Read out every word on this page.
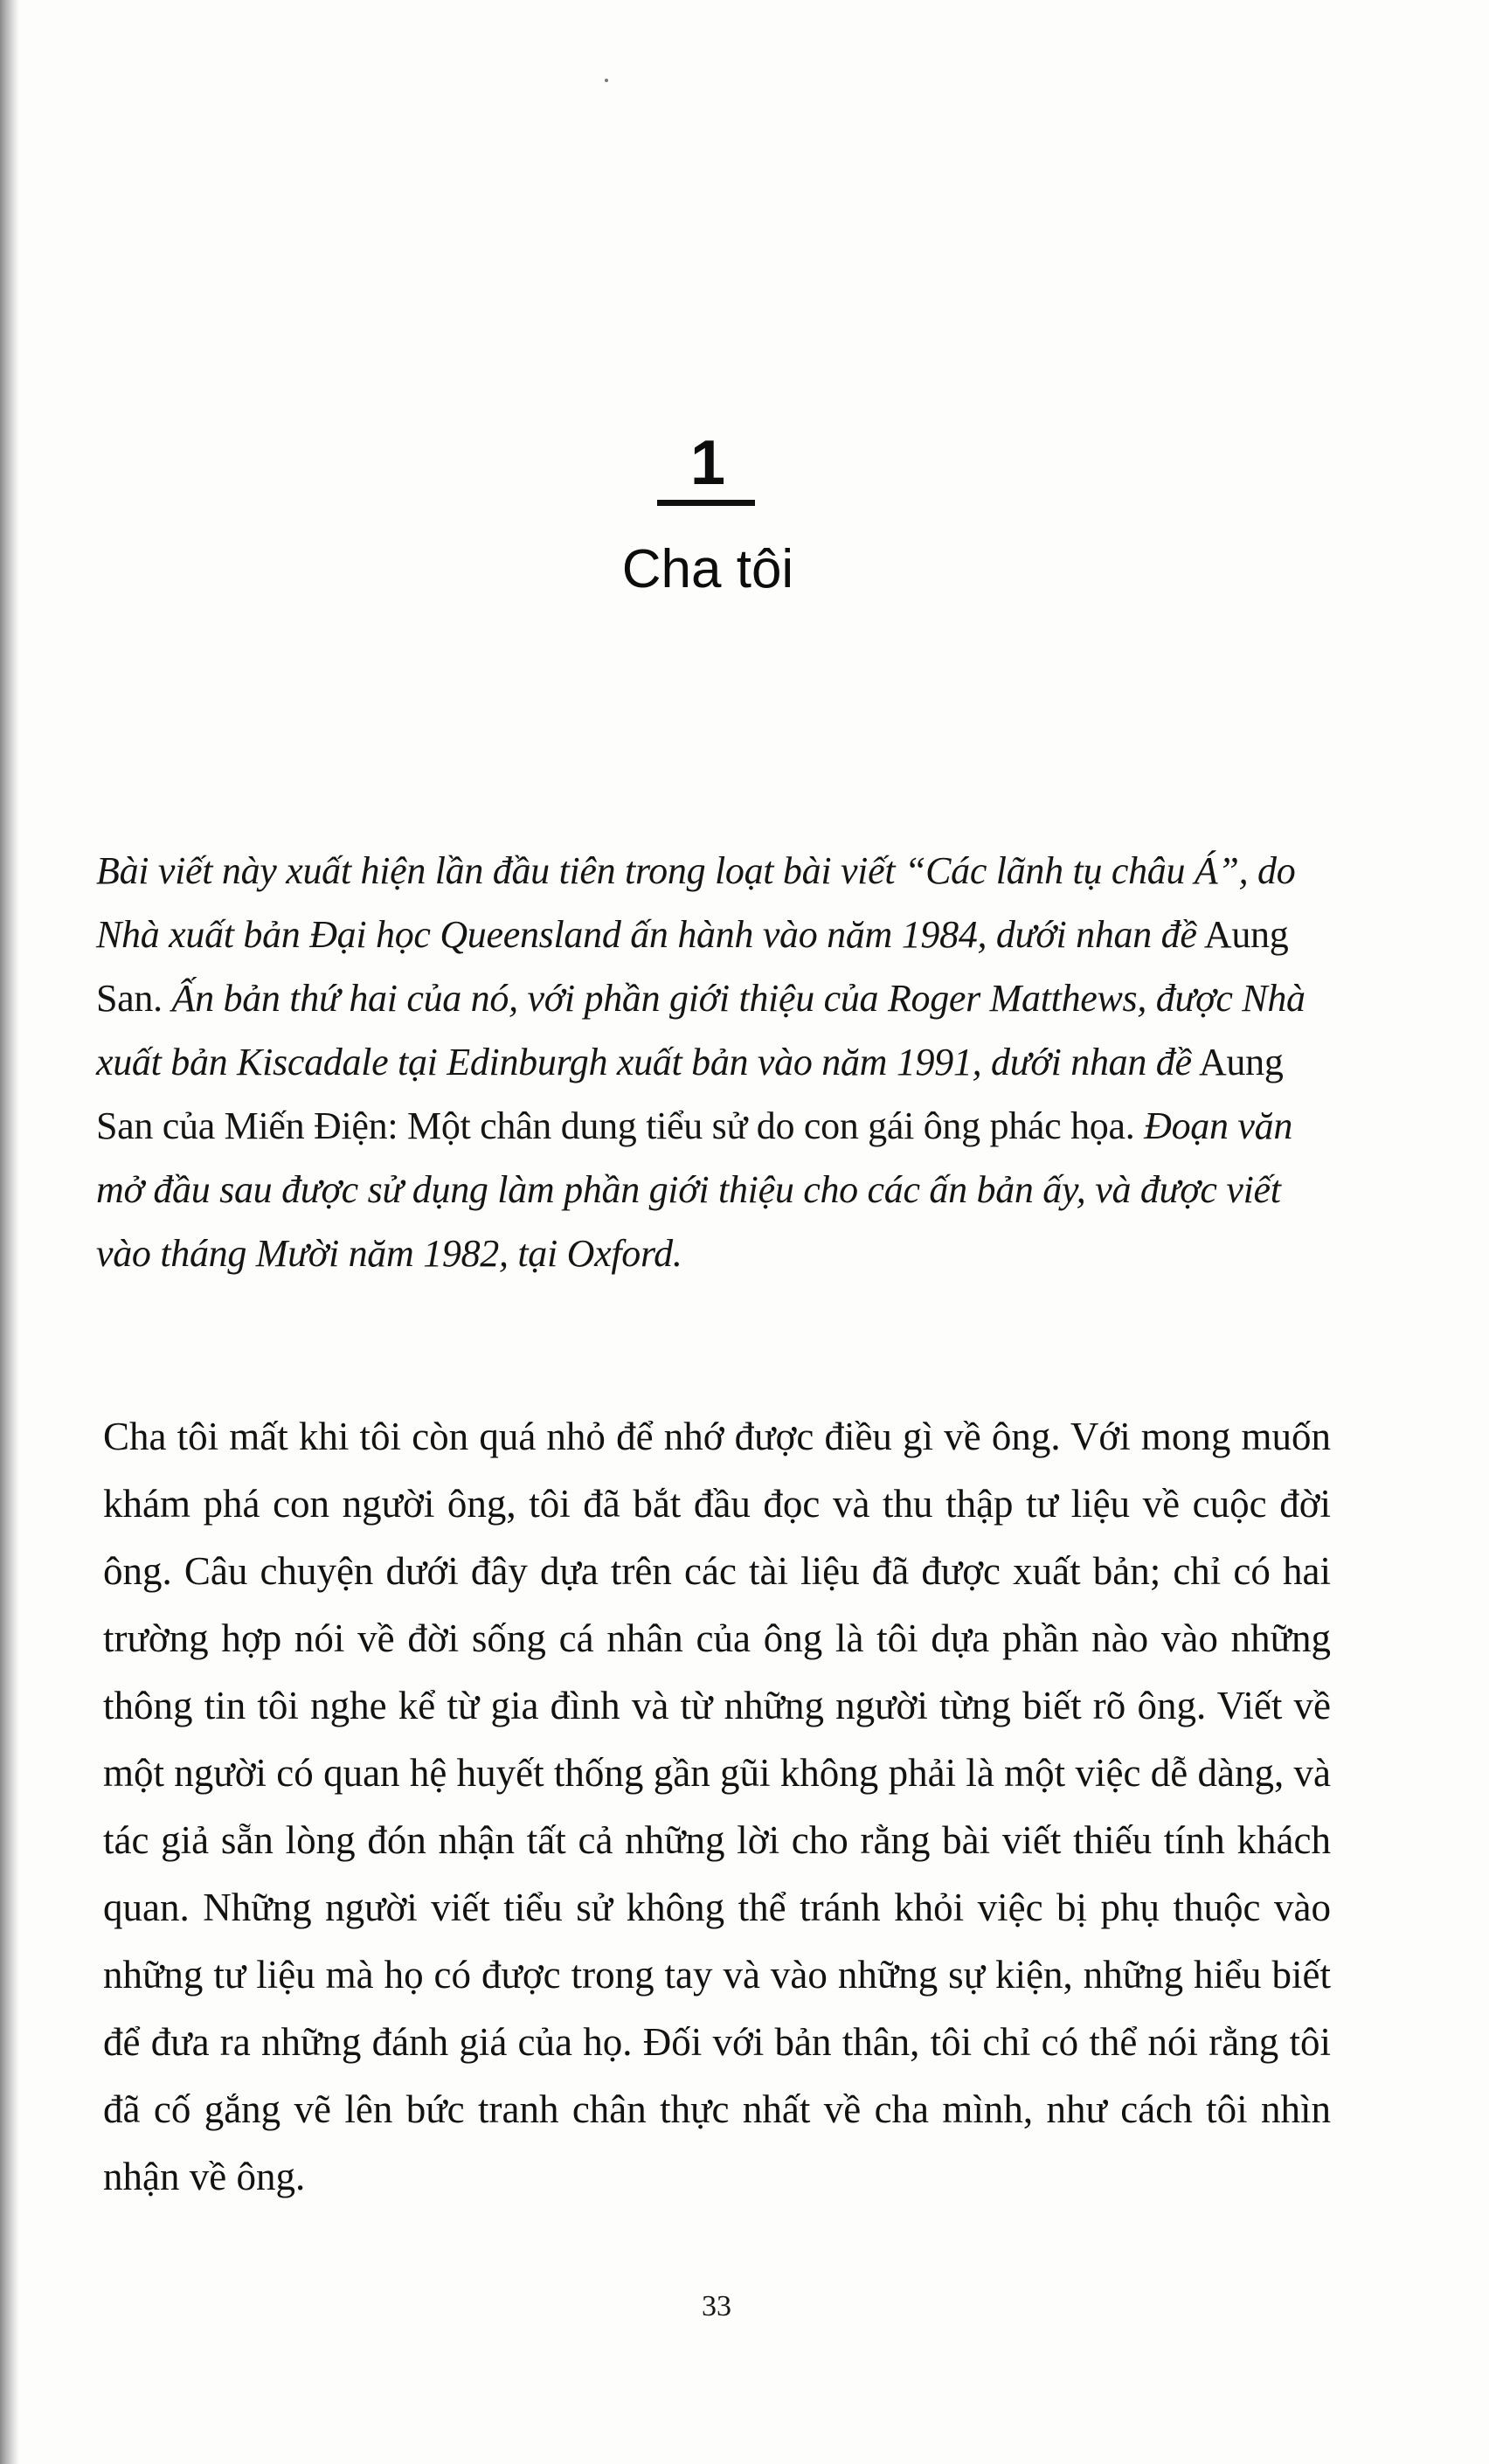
1
Cha tôi

Bài viết này xuất hiện lần đầu tiên trong loạt bài viết “Các lãnh tụ châu Á”, do Nhà xuất bản Đại học Queensland ấn hành vào năm 1984, dưới nhan đề Aung San. Ấn bản thứ hai của nó, với phần giới thiệu của Roger Matthews, được Nhà xuất bản Kiscadale tại Edinburgh xuất bản vào năm 1991, dưới nhan đề Aung San của Miến Điện: Một chân dung tiểu sử do con gái ông phác họa. Đoạn văn mở đầu sau được sử dụng làm phần giới thiệu cho các ấn bản ấy, và được viết vào tháng Mười năm 1982, tại Oxford.

Cha tôi mất khi tôi còn quá nhỏ để nhớ được điều gì về ông. Với mong muốn khám phá con người ông, tôi đã bắt đầu đọc và thu thập tư liệu về cuộc đời ông. Câu chuyện dưới đây dựa trên các tài liệu đã được xuất bản; chỉ có hai trường hợp nói về đời sống cá nhân của ông là tôi dựa phần nào vào những thông tin tôi nghe kể từ gia đình và từ những người từng biết rõ ông. Viết về một người có quan hệ huyết thống gần gũi không phải là một việc dễ dàng, và tác giả sẵn lòng đón nhận tất cả những lời cho rằng bài viết thiếu tính khách quan. Những người viết tiểu sử không thể tránh khỏi việc bị phụ thuộc vào những tư liệu mà họ có được trong tay và vào những sự kiện, những hiểu biết để đưa ra những đánh giá của họ. Đối với bản thân, tôi chỉ có thể nói rằng tôi đã cố gắng vẽ lên bức tranh chân thực nhất về cha mình, như cách tôi nhìn nhận về ông.

33
